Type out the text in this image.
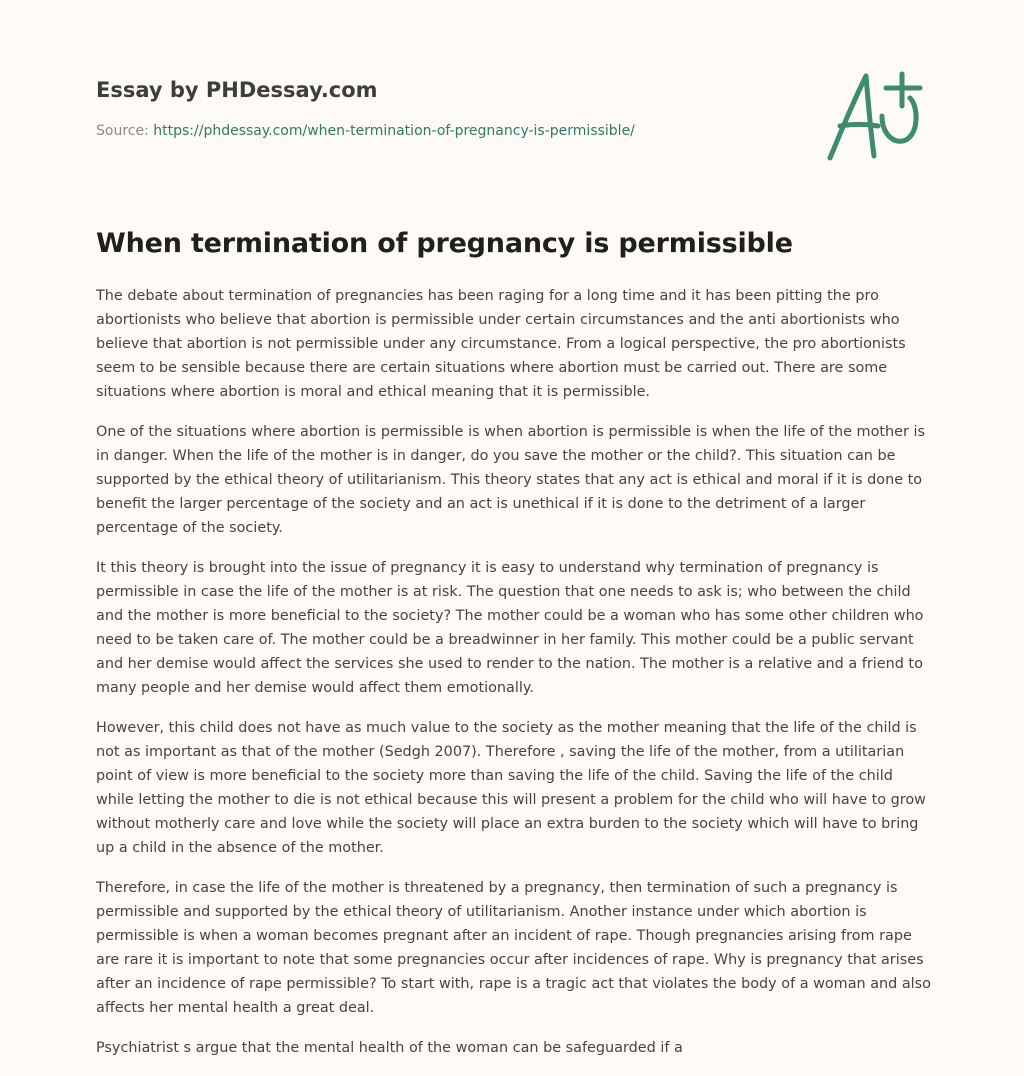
Essay by PHDessay.com
Source: https://phdessay.com/when-termination-of-pregnancy-is-permissible/
When termination of pregnancy is permissible

The debate about termination of pregnancies has been raging for a long time and it has been pitting the pro abortionists who believe that abortion is permissible under certain circumstances and the anti abortionists who believe that abortion is not permissible under any circumstance. From a logical perspective, the pro abortionists seem to be sensible because there are certain situations where abortion must be carried out. There are some situations where abortion is moral and ethical meaning that it is permissible.

One of the situations where abortion is permissible is when abortion is permissible is when the life of the mother is in danger. When the life of the mother is in danger, do you save the mother or the child?. This situation can be supported by the ethical theory of utilitarianism. This theory states that any act is ethical and moral if it is done to benefit the larger percentage of the society and an act is unethical if it is done to the detriment of a larger percentage of the society.

It this theory is brought into the issue of pregnancy it is easy to understand why termination of pregnancy is permissible in case the life of the mother is at risk. The question that one needs to ask is; who between the child and the mother is more beneficial to the society? The mother could be a woman who has some other children who need to be taken care of. The mother could be a breadwinner in her family. This mother could be a public servant and her demise would affect the services she used to render to the nation. The mother is a relative and a friend to many people and her demise would affect them emotionally.

However, this child does not have as much value to the society as the mother meaning that the life of the child is not as important as that of the mother (Sedgh 2007). Therefore , saving the life of the mother, from a utilitarian point of view is more beneficial to the society more than saving the life of the child. Saving the life of the child while letting the mother to die is not ethical because this will present a problem for the child who will have to grow without motherly care and love while the society will place an extra burden to the society which will have to bring up a child in the absence of the mother.

Therefore, in case the life of the mother is threatened by a pregnancy, then termination of such a pregnancy is permissible and supported by the ethical theory of utilitarianism. Another instance under which abortion is permissible is when a woman becomes pregnant after an incident of rape. Though pregnancies arising from rape are rare it is important to note that some pregnancies occur after incidences of rape. Why is pregnancy that arises after an incidence of rape permissible? To start with, rape is a tragic act that violates the body of a woman and also affects her mental health a great deal.

Psychiatrist s argue that the mental health of the woman can be safeguarded if a
